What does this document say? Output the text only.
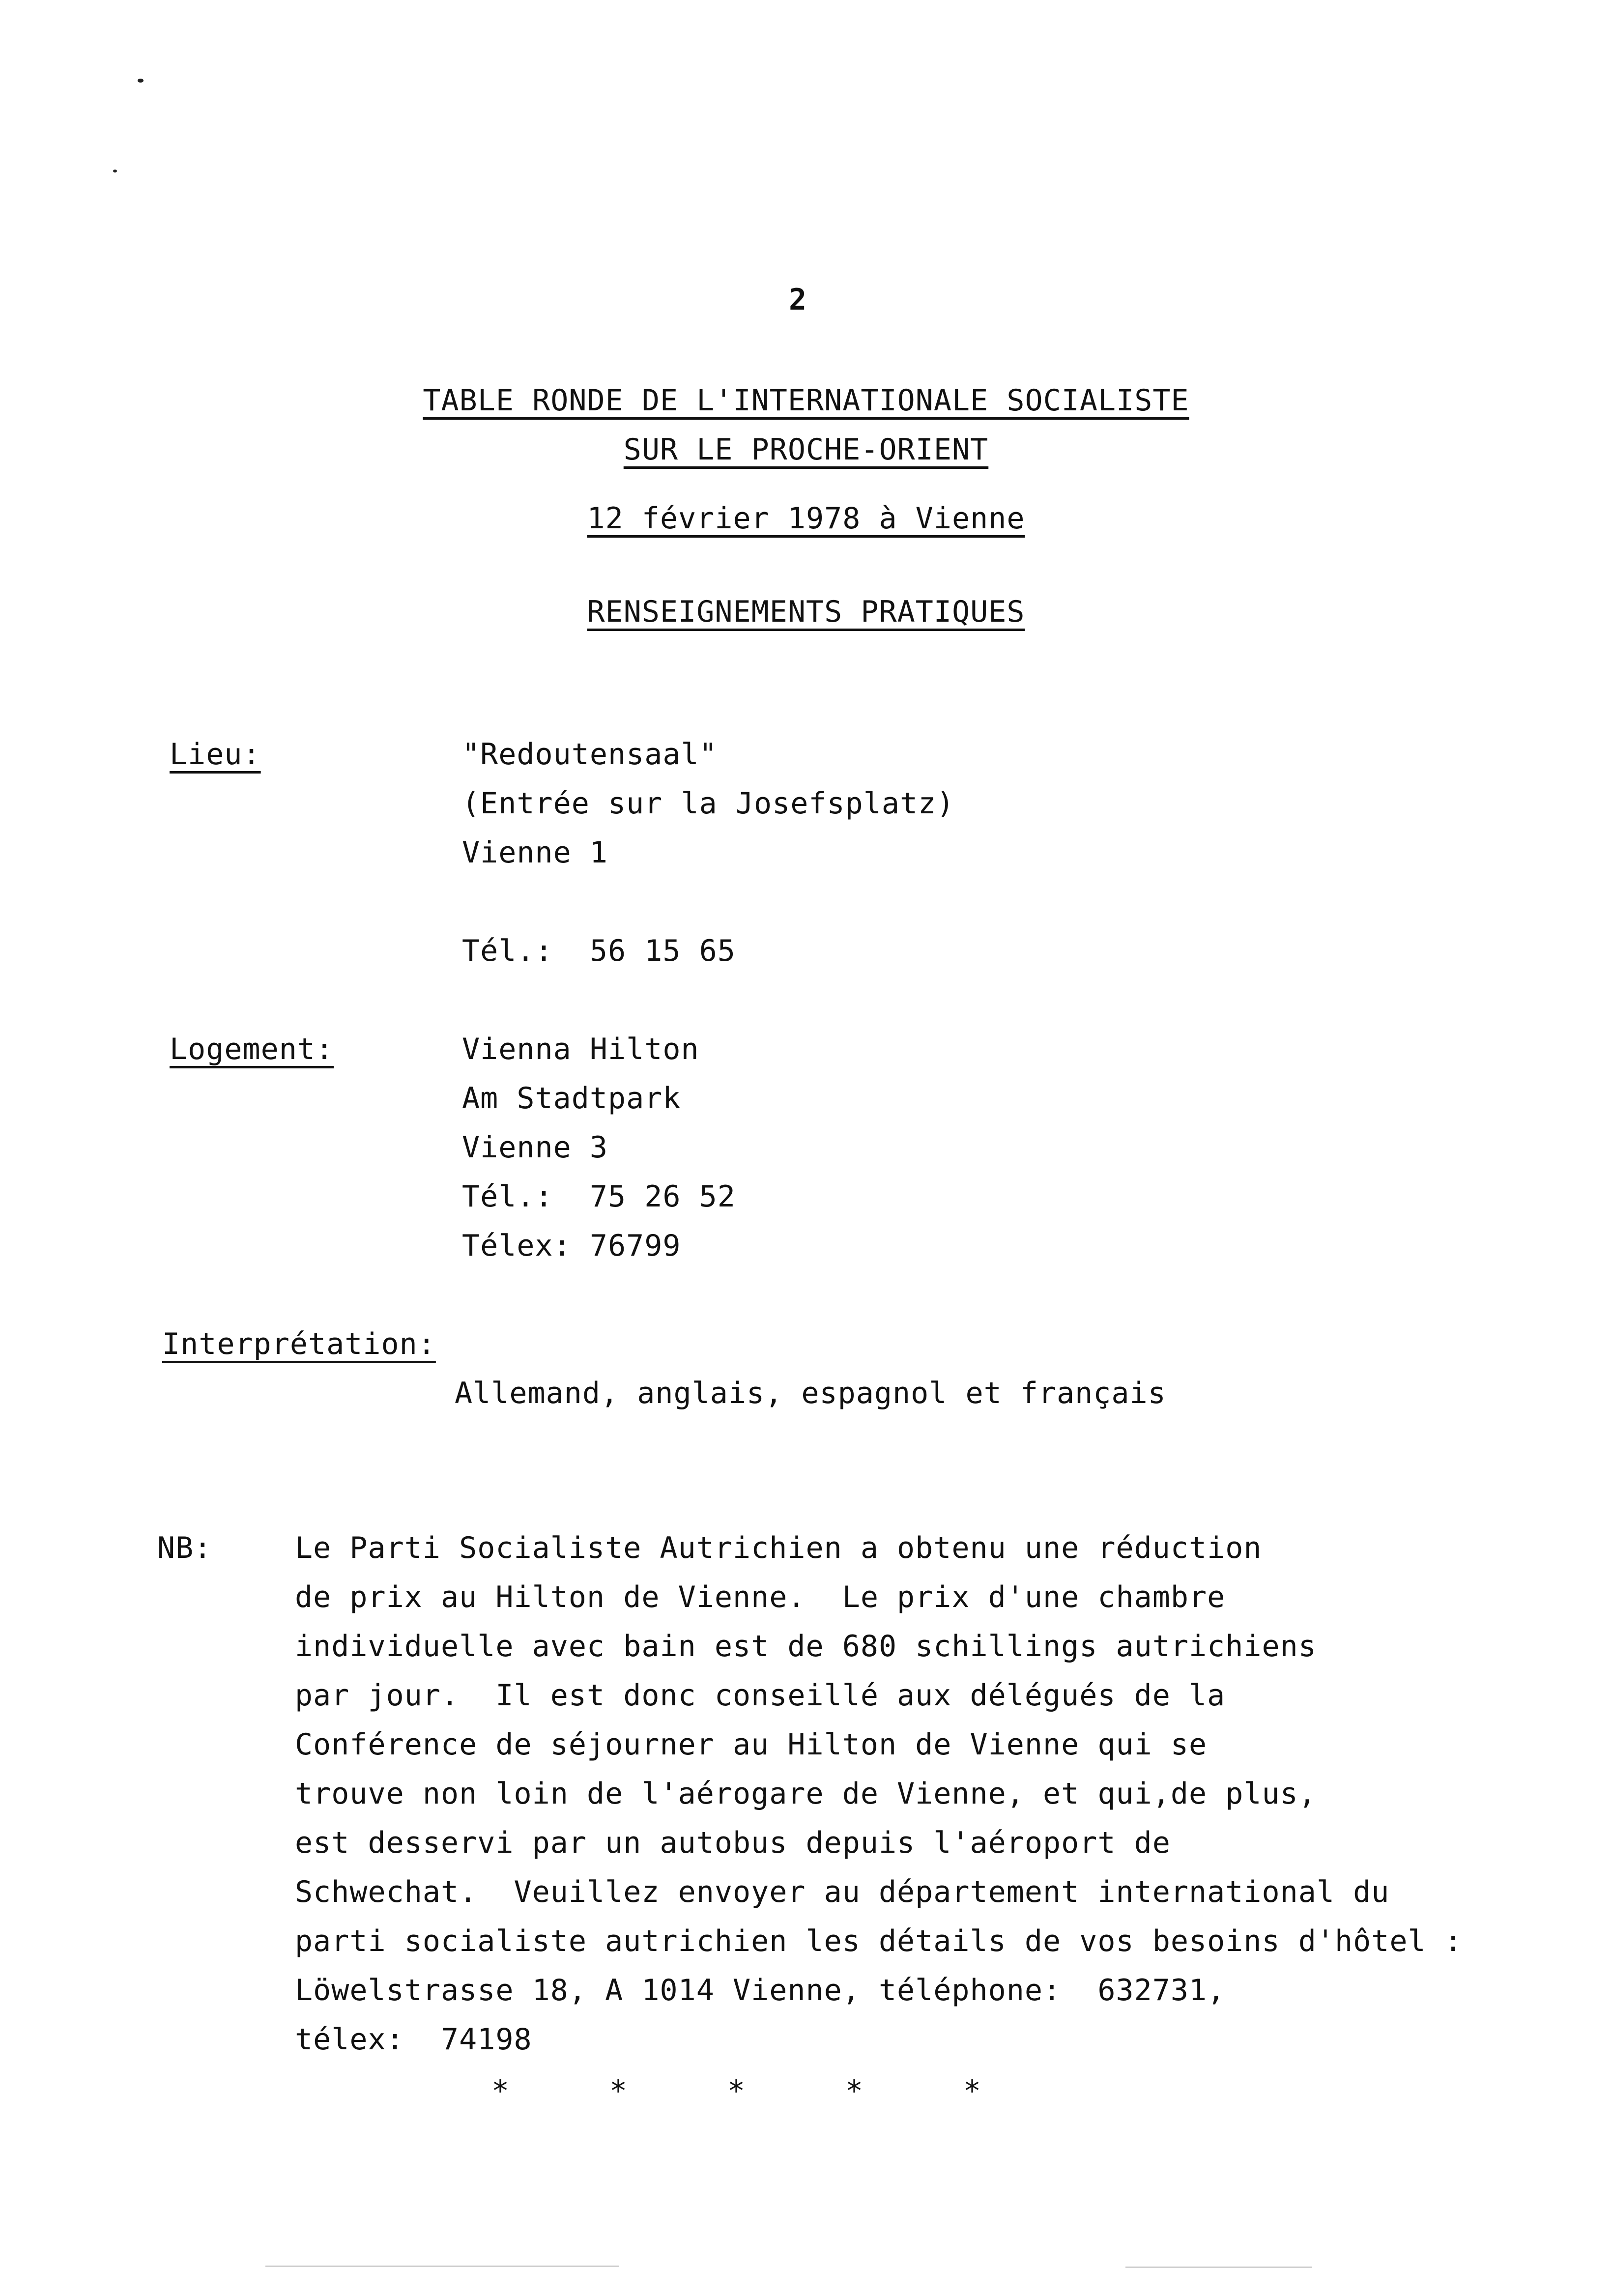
2
TABLE RONDE DE L'INTERNATIONALE SOCIALISTE
SUR LE PROCHE-ORIENT
12 février 1978 à Vienne
RENSEIGNEMENTS PRATIQUES
Lieu:	"Redoutensaal"
(Entrée sur la Josefsplatz)
Vienne 1
Tél.:  56 15 65
Logement:	Vienna Hilton
Am Stadtpark
Vienne 3
Tél.:  75 26 52
Télex: 76799
Interprétation:
Allemand, anglais, espagnol et français
NB:	Le Parti Socialiste Autrichien a obtenu une réduction
de prix au Hilton de Vienne.  Le prix d'une chambre
individuelle avec bain est de 680 schillings autrichiens
par jour.  Il est donc conseillé aux délégués de la
Conférence de séjourner au Hilton de Vienne qui se
trouve non loin de l'aérogare de Vienne, et qui,de plus,
est desservi par un autobus depuis l'aéroport de
Schwechat.  Veuillez envoyer au département international du
parti socialiste autrichien les détails de vos besoins d'hôtel :
Löwelstrasse 18, A 1014 Vienne, téléphone:  632731,
télex:  74198
*	*	*	*	*
